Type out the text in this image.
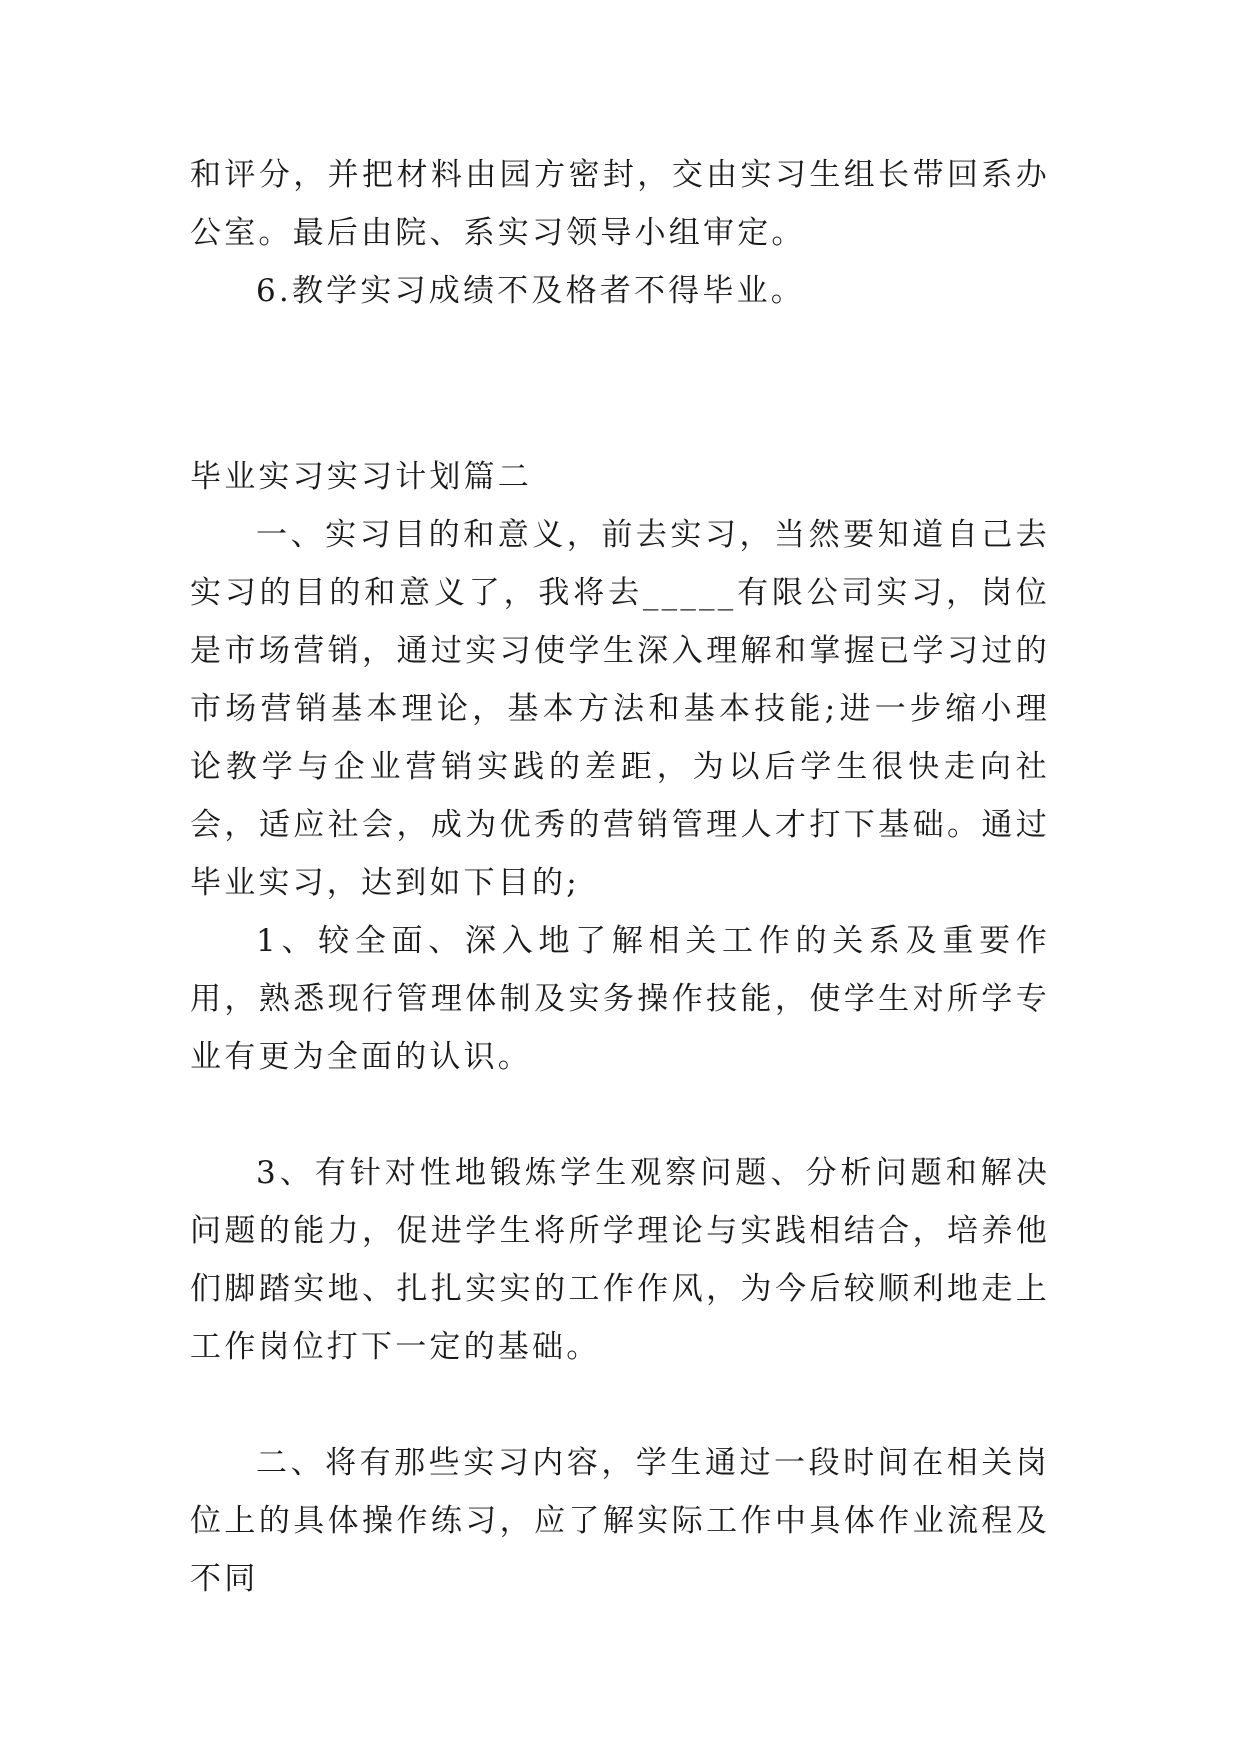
和评分，并把材料由园方密封，交由实习生组长带回系办公室。最后由院、系实习领导小组审定。

6.教学实习成绩不及格者不得毕业。

毕业实习实习计划篇二

一、实习目的和意义，前去实习，当然要知道自己去实习的目的和意义了，我将去_____有限公司实习，岗位是市场营销，通过实习使学生深入理解和掌握已学习过的市场营销基本理论，基本方法和基本技能;进一步缩小理论教学与企业营销实践的差距，为以后学生很快走向社会，适应社会，成为优秀的营销管理人才打下基础。通过毕业实习，达到如下目的;

1、较全面、深入地了解相关工作的关系及重要作用，熟悉现行管理体制及实务操作技能，使学生对所学专业有更为全面的认识。

3、有针对性地锻炼学生观察问题、分析问题和解决问题的能力，促进学生将所学理论与实践相结合，培养他们脚踏实地、扎扎实实的工作作风，为今后较顺利地走上工作岗位打下一定的基础。

二、将有那些实习内容，学生通过一段时间在相关岗位上的具体操作练习，应了解实际工作中具体作业流程及不同
